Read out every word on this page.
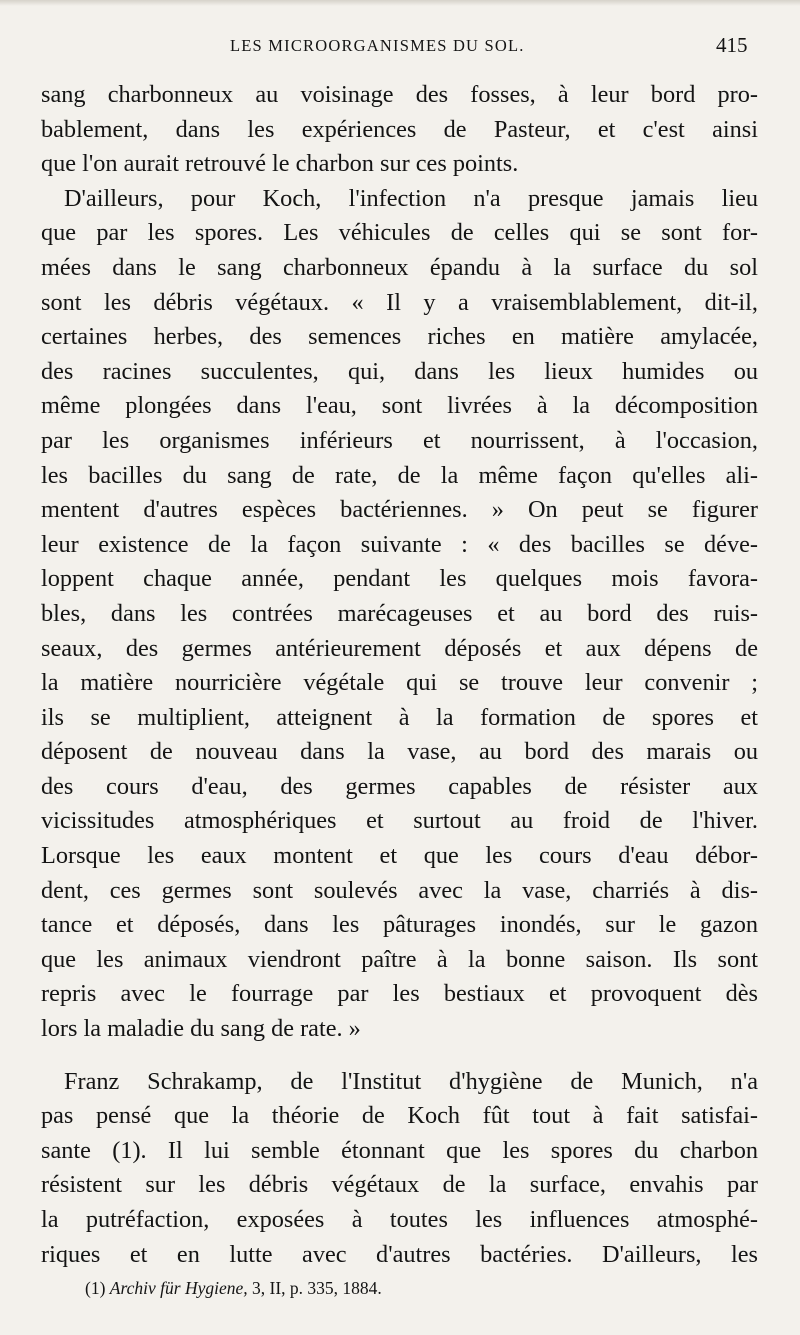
LES MICROORGANISMES DU SOL.	415
sang charbonneux au voisinage des fosses, à leur bord pro-
bablement, dans les expériences de Pasteur, et c'est ainsi
que l'on aurait retrouvé le charbon sur ces points.
D'ailleurs, pour Koch, l'infection n'a presque jamais lieu
que par les spores. Les véhicules de celles qui se sont for-
mées dans le sang charbonneux épandu à la surface du sol
sont les débris végétaux. « Il y a vraisemblablement, dit-il,
certaines herbes, des semences riches en matière amylacée,
des racines succulentes, qui, dans les lieux humides ou
même plongées dans l'eau, sont livrées à la décomposition
par les organismes inférieurs et nourrissent, à l'occasion,
les bacilles du sang de rate, de la même façon qu'elles ali-
mentent d'autres espèces bactériennes. » On peut se figurer
leur existence de la façon suivante : « des bacilles se déve-
loppent chaque année, pendant les quelques mois favora-
bles, dans les contrées marécageuses et au bord des ruis-
seaux, des germes antérieurement déposés et aux dépens de
la matière nourricière végétale qui se trouve leur convenir ;
ils se multiplient, atteignent à la formation de spores et
déposent de nouveau dans la vase, au bord des marais ou
des cours d'eau, des germes capables de résister aux
vicissitudes atmosphériques et surtout au froid de l'hiver.
Lorsque les eaux montent et que les cours d'eau débor-
dent, ces germes sont soulevés avec la vase, charriés à dis-
tance et déposés, dans les pâturages inondés, sur le gazon
que les animaux viendront paître à la bonne saison. Ils sont
repris avec le fourrage par les bestiaux et provoquent dès
lors la maladie du sang de rate. »
Franz Schrakamp, de l'Institut d'hygiène de Munich, n'a
pas pensé que la théorie de Koch fût tout à fait satisfai-
sante (1). Il lui semble étonnant que les spores du charbon
résistent sur les débris végétaux de la surface, envahis par
la putréfaction, exposées à toutes les influences atmosphé-
riques et en lutte avec d'autres bactéries. D'ailleurs, les
(1) Archiv für Hygiene, 3, II, p. 335, 1884.
